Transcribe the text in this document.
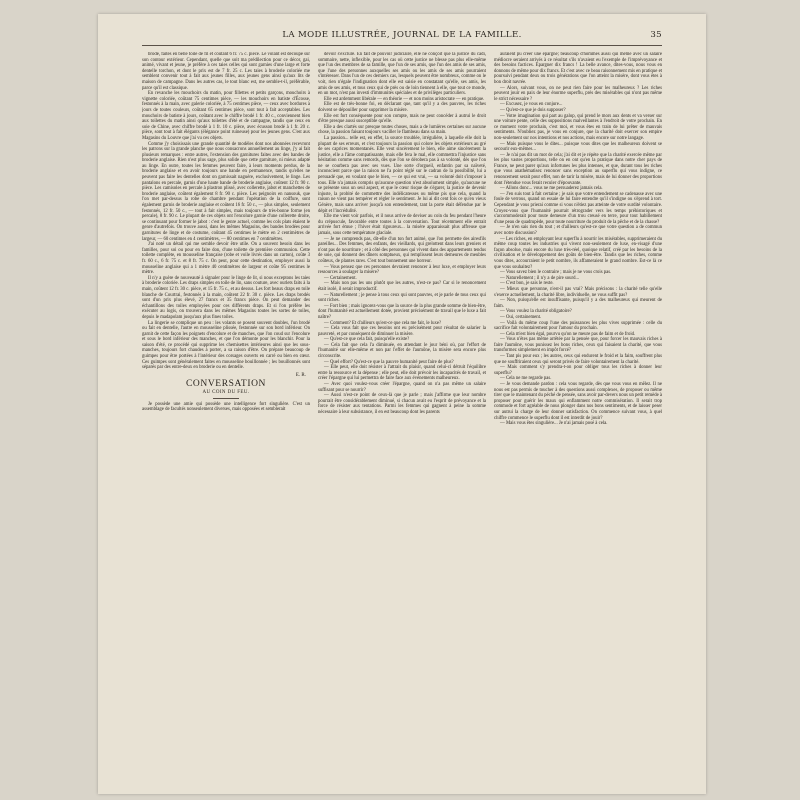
LA MODE ILLUSTRÉE, JOURNAL DE LA FAMILLE.	35

brodé, faites en belle toile de fil et coûtant 6 fr. 75 c. pièce. Le volant est découpé sur son contour extérieur. Cependant, quelle que soit ma prédilection pour ce décor, gai, animé, vivant et jeune, je préfère à ces taies celles qui sont garnies d'une large et forte dentelle torchon, et dont le prix est de 7 fr. 25 c. Les taies à broderie coloriée me semblent convenir tout à fait aux jeunes filles, aux jeunes gens ainsi qu'aux lits de maison de campagne. Dans les autres cas, le tout blanc est, me semble-t-il, préférable, parce qu'il est classique.

En revanche les mouchoirs du matin, pour fillettes et petits garçons, mouchoirs à vignette coloriée, coûtant 75 centimes pièce, — les mouchoirs en batiste d'Écosse, festonnés à la main, avec galerie coloriée, à 75 centimes pièce, — ceux avec bordures à jours de toutes couleurs, coûtant 65 centimes pièce, sont tout à fait acceptables. Les mouchoirs de batiste à jours, coûtant avec le chiffre brodé 1 fr. 40 c., conviennent bien aux toilettes du matin ainsi qu'aux toilettes d'été et de campagne, tandis que ceux en soie de Chine, avec chiffre brodé à 1 fr. 10 c. pièce, avec écusson brodé à 1 fr. 20 c. pièce, sont tout à fait élégants (élégance point ruineuse) pour les jeunes gens. C'est aux Magasins du Louvre que j'ai vu ces objets.

Comme j'y choisissais une grande quantité de modèles dont nos abonnées recevront les patrons sur la grande planche que nous consacrons annuellement au linge, j'y ai fait plusieurs remarques : entre autres, l'extension des garnitures faites avec des bandes de broderie anglaise. Rien n'est plus sage, plus solide que cette garniture, ni mieux adapté au linge. En outre, toutes les femmes peuvent faire, à leurs moments perdus, de la broderie anglaise et en avoir toujours une bande en permanence, tandis qu'elles ne peuvent pas faire les dentelles dont on garnissait naguère, exclusivement, le linge. Les pantalons en percale, garnis d'une haute bande de broderie anglaise, coûtent 12 fr. 90 c. pièce. Les camisoles en percale à plastron plissé, avec collerette, jabot et manchettes de broderie anglaise, coûtent également 8 fr. 90 c. pièce. Les peignoirs en nansouk, que l'on met par-dessus la robe de chambre pendant l'opération de la coiffure, sont également garnis de broderie anglaise et coûtent 16 fr. 50 c., — plus simples, seulement festonnés, 12 fr. 50 c., — tout à fait simples, mais toujours de très-bonne forme (en percale), 8 fr. 90 c. Le plupart de ces objets ont l'encolure garnie d'une collerette droite, se continuant pour former le jabot : c'est le genre actuel, comme les cols plats étaient le genre d'autrefois. On trouve aussi, dans les mêmes Magasins, des bandes brodées pour garnitures de linge et de costume, coûtant 45 centimes le mètre en 2 centimètres de largeur, — 60 centimes en 4 centimètres, — 80 centimes en 7 centimètres.

J'ai noté un détail qui me semble devoir être utile. On a souvent besoin dans les familles, pour soi ou pour en faire don, d'une toilette de première communion. Cette toilette complète, en mousseline française (robe et voile livrés dans un carton), coûte 3 fr. 60 c., 6 fr. 75 c. et 8 fr. 75 c. On peut, pour cette destination, employer aussi la mousseline anglaise qui a 1 mètre 40 centimètres de largeur et coûte 95 centimes le mètre.

Il n'y a guère de nouveauté à signaler pour le linge de lit, si nous exceptons les taies à broderie coloriée. Les draps simples en toile de lin, sans couture, avec ourlets faits à la main, coûtent 12 fr. 30 c. pièce, et 15 fr. 75 c., et au dessus. Les fort beaux draps en toile blanche de Courtrai, festonnés à la main, coûtent 22 fr. 30 c. pièce. Les draps brodés sont d'un prix plus élevé, 27 francs et 35 francs pièce. On peut demander des échantillons des toiles employées pour ces différents draps. Et si l'on préfère les exécuter au logis, on trouvera dans les mêmes Magasins toutes les sortes de toiles, depuis le madapolam jusqu'aux plus fines toiles.

La lingerie se complique un peu : les volants se posent souvent doubles, l'un brodé ou fait en dentelle, l'autre en mousseline plissée, festonnée sur son bord inférieur. On garnit de cette façon les poignets d'encolure et de manches, que l'on coud sur l'encolure et sous le bord inférieur des manches, et que l'on démonte pour les blanchir. Pour la saison d'été, ce procédé qui supprime les chemisettes intérieures ainsi que les sous-manches, toujours fort chaudes à porter, a sa raison d'être. On prépare beaucoup de guimpes pour être portées à l'intérieur des corsages ouverts en carré ou bien en cœur. Ces guimpes sont généralement faites en mousseline bouillonnée ; les bouillonnés sont séparés par des entre-deux en broderie ou en dentelle.

E. R.
CONVERSATION
AU COIN DU FEU.

Je possède une amie qui possède une intelligence fort singulière. C'est un assemblage de facultés nonseulement diverses, mais opposées et semblerait

devoir s'exclure. En fait de pouvoir judiciaire, elle ne conçoit que la justice du cadi, sommaire, nette, inflexible, pour les cas où cette justice ne blesse pas plus elle-même que l'un des membres de sa famille, que l'un de ses amis, que l'un des amis de ses amis, que l'une des personnes auxquelles ses amis ou les amis de ses amis pourraient s'intéresser. Dans l'un de ces derniers cas, lesquels peuvent être nombreux, comme on le voit, rien n'égale l'indignation dont elle est saisie en constatant qu'elle, ses amis, les amis de ses amis, et tous ceux qui de près ou de loin tiennent à elle, que tout ce monde, en un mot, n'est pas investi d'immunités spéciales et de privilèges particuliers.

Elle est ardemment libérale — en théorie — et non moins aristocrate — en pratique.

Elle est de très-bonne foi, en déclarant que, tant qu'il y a des pauvres, les riches doivent se dépouiller pour supprimer la misère.

Elle est fort conséquente pour son compte, mais ne peut concéder à autrui le droit d'être presque aussi susceptible qu'elle.

Elle a des clartés sur presque toutes choses, mais a de lumières certaines sur aucune chose, la passion faisant toujours vaciller le flambeau dans sa main.

La passion... telle est, en effet, la source troublée, irrégulière, à laquelle elle doit la plupart de ses erreurs, et c'est toujours la passion qui colore les objets extérieurs au gré de ses caprices momentanés. Elle veut sincèrement le bien, elle aime sincèrement la justice, elle a l'âme compatissante, mais elle fera le mal, elle commettra l'injustice sans hésitation comme sans remords, dès que l'on se dérobera pas à sa volonté, dès que l'on ne se courbera pas avec ses vues. Une sorte d'orgueil, enfantin par sa naïveté, inconscient parce que la raison ne l'a point réglé sur le cadran de la possibilité, lui a persuadé que, en voulant que le bien, — ce qui est vrai, — sa volonté doit s'imposer à tous. Elle n'a jamais compris qu'aucune question n'est absolument simple, qu'aucune ne se présente sous un seul aspect, et que le cœur risque de s'égarer, la justice de devenir injuste, la probité de commettre des indélicatesses ou même pis que cela, quand la raison ne vient pas tempérer et régler le sentiment. Je lui ai dit cent fois ce qu'en vieux Génère, mais sans arriver jusqu'à son entendement, tant la porte était défendue par le dépit et l'incrédulité.

Elle me vient voir parfois, et il nous arrive de deviser au coin du feu pendant l'heure du crépuscule, favorable entre toutes à la conversation. Tout récemment elle entrait arrivée fort émue ; l'hiver était rigoureux... la misère apparaissait plus affreuse que jamais, sous cette température glaciale.

— Je ne comprends pas, dit-elle d'un ton fort animé, que l'on permette des airesfils pareilles... Des femmes, des enfants, des vieillards, qui grelottent dans leurs greniers et n'ont pas de nourriture ; et à côté des personnes qui vivent dans des appartements tendus de soie, qui donnent des dîners somptueux, qui remplissent leurs demeures de meubles coûteux, de plantes rares. C'est tout bonnement une horreur.

— Vous pensez que ces personnes devraient renoncer à leur luxe, et employer leurs ressources à soulager la misère?

— Certainement.

— Mais non pas les uns plutôt que les autres, n'est-ce pas? Car si le renoncement était isolé, il serait improductif.

— Naturellement ; je pense à tous ceux qui sont pauvres, et je parle de tous ceux qui sont riches.

— Fort bien ; mais ignorez-vous que la source de la plus grande somme de bien-être, dont l'humanité est actuellement dotée, provient précisément de travail que le luxe a fait naître?

— Comment? Et d'ailleurs qu'est-ce que cela me fait, le luxe?

— Cela vous fait que ces besoins ont eu précisément pour résultat de salarier la pauvreté, et par conséquent de diminuer la misère.

— Qu'est-ce que cela fait, puisqu'elle existe?

— Cela fait que cela l'a diminuée, en attendant le jour béni où, par l'effort de l'humanité sur elle-même et non par l'effet de l'aumône, la misère sera encore plus circonscrite.

— Quel effort? Qu'est-ce que la pauvre humanité peut faire de plus?

— Elle peut, elle doit résister à l'attrait du plaisir, quand celui-ci détruit l'équilibre entre la ressource et la dépense ; elle peut, elle doit prévoir les incapacités de travail, et créer l'épargne qui lui permettra de faire face aux événements malheureux.

— Avec quoi voulez-vous créer l'épargne, quand on n'a pas même un salaire suffisant pour se nourrir?

— Aussi n'est-ce point de ceux-là que je parle ; mais j'affirme que leur nombre pourrait être considérablement diminué, si chacun avait eu l'esprit de prévoyance et la force de résister aux tentations. Parmi les femmes qui gagnent à peine la somme nécessaire à leur subsistance, il en est beaucoup dont les parents

auraient pu créer une épargne; beaucoup d'hommes aussi qui même avec un salaire médiocre seraient arrivés à ce résultat s'ils n'avaient eu l'exemple de l'imprévoyance et des besoins factices. Épargner dix francs ! La belle avance, dites-vous, nous vous en donnons de même pour dix francs. Et c'est avec ce beau raisonnement mis en pratique et poursuivi pendant deux ou trois générations que l'on atteint la misère, dont vous êtes à bon droit navrée.

— Alors, suivant vous, on ne peut rien faire pour les malheureux ? Les riches peuvent jouir en paix de leur énorme superflu, près des misérables qui n'ont pas même le strict nécessaire ?

— Excusez, je vous en conjure...

— Qu'est-ce que je dois supposer?

— Votre imagination qui part au galop, qui prend le mors aux dents et va verser sur une voiture pente, celle des suppositions malveillantes à l'endroit de votre prochain. En ce moment votre prochain, c'est moi, et vous êtes en train de lui prêter de mauvais sentiments. N'oubliez pas, je vous en conjure, que la charité doit exercer son empire non-seulement sur nos intentions et nos actions, mais encore sur notre langage.

— Mais puisque vous le dites... puisque vous dites que les malheureux doivent se secourir eux-mêmes...

— Je n'ai pas dit un mot de cela; j'ai dit et je répète que la charité exercée même par les plus vastes proportions, telle on en ont qu'en la pratique dans notre cher pays de France, ne peut parer qu'aux infortunes les plus intenses, et que, durant tous les riches que vous anathématisez renoncer sans exception au superflu qui vous indigne, ce renoncement serait pour effet, non de tarir la misère, mais de lui donner des proportions dont l'étendue vous ferait reculer d'épouvante.

— Allons donc... vous ne me persuaderez jamais cela.

— J'en suis tout à fait certaine ; je sais que votre entendement se cadenasse avec une foule de verrous, quand on essaie de lui faire entendre qu'il s'indigne ou s'éprend à tort. Cependant je vous prierai comme si vous n'étiez pas atteinte de votre surdité volontaire. Croyez-vous que l'humanité pourrait rétrograder vers les temps préhistoriques et s'accommoderait pour toute demeure d'un trou creusé en terre, pour tout habillement d'une peau de quadrupède, pour toute nourriture du produit de la pêche et de la chasse?

— Je n'en sais rien du tout ; et d'ailleurs qu'est-ce que votre question a de commun avec notre discussion?

— Les riches, en employant leur superflu à nourrir les misérables, supprimeraient du même coup toutes les industries qui vivent non-seulement de luxe, en-visagé d'une façon absolue, mais encore du luxe très-réel, quoique relatif, créé par les besoins de la civilisation et le développement des goûts de bien-être. Tandis que les riches, comme vous dites, accourraient le petit nombre, ils affameraient le grand nombre. Est-ce là ce que vous souhaitez?

— Vous savez bien le contraire ; mais je ne vous crois pas.

— Naturellement ; il n'y a de pire sourd...

— C'est bon, je sais le reste.

— Mieux que personne, n'est-il pas vrai? Mais précisons : la charité telle qu'elle s'exerce actuellement, la charité libre, individuelle, ne vous suffit pas?

— Non, puisqu'elle est insuffisante, puisqu'il y a des malheureux qui meurent de faim.

— Vous voulez la charité obligatoire?

— Oui, certainement.

— Voilà du même coup l'une des puissances les plus vives supprimée : celle du sacrifice fait volontairement pour l'amour du prochain.

— Cela m'est bien égal, pourvu qu'on ne meure pas de faim et de froid.

— Vous n'êtes pas même arrêtée par la pensée que, pour forcer les mauvais riches à faire l'aumône, vous punissez les bons riches, ceux qui faisaient la charité, que vous transformez simplement en impôt forcé?

— Tant pis pour eux ; les autres, ceux qui endurent le froid et la faim, souffrent plus que ne souffriraient ceux qui seront privés de faire volontairement la charité.

— Mais comment s'y prendra-t-on pour obliger tous les riches à donner leur superflu?

— Cela ne me regarde pas.

— Je vous demande pardon : cela vous regarde, dès que vous vous en mêlez. Il ne nous est pas permis de toucher à des questions aussi complexes, de proposer ou même tirer que le maintenant du péché de pensée, sans avoir par-devers nous un petit remède à proposer pour guérir les maux qui enflamment notre commisération. Il serait trop commode et fort agréable de nous plonger dans nos bons sentiments, et de laisser peser sur autrui la charge de leur donner satisfaction. On commence suivant vous, à quel chiffre commence le superflu dont il est interdit de jouir?

— Mais vous êtes singulière... Je n'ai jamais posé à cela.
